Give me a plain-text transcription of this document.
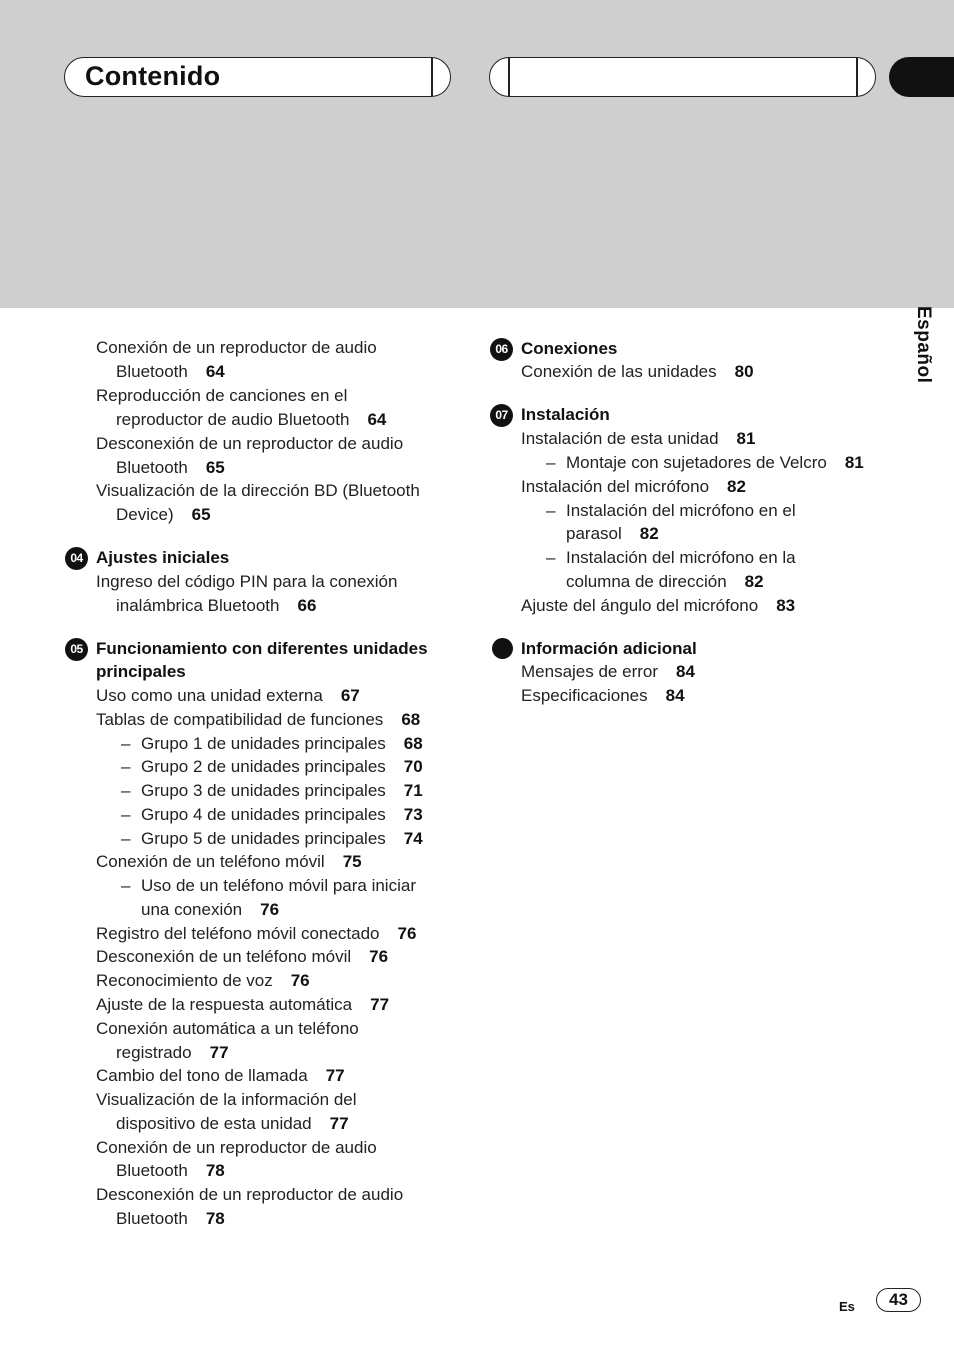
Contenido
Español
Conexión de un reproductor de audio
Bluetooth 64
Reproducción de canciones en el
reproductor de audio Bluetooth 64
Desconexión de un reproductor de audio
Bluetooth 65
Visualización de la dirección BD (Bluetooth
Device) 65
04 Ajustes iniciales
Ingreso del código PIN para la conexión
inalámbrica Bluetooth 66
05 Funcionamiento con diferentes unidades
principales
Uso como una unidad externa 67
Tablas de compatibilidad de funciones 68
– Grupo 1 de unidades principales 68
– Grupo 2 de unidades principales 70
– Grupo 3 de unidades principales 71
– Grupo 4 de unidades principales 73
– Grupo 5 de unidades principales 74
Conexión de un teléfono móvil 75
– Uso de un teléfono móvil para iniciar
una conexión 76
Registro del teléfono móvil conectado 76
Desconexión de un teléfono móvil 76
Reconocimiento de voz 76
Ajuste de la respuesta automática 77
Conexión automática a un teléfono
registrado 77
Cambio del tono de llamada 77
Visualización de la información del
dispositivo de esta unidad 77
Conexión de un reproductor de audio
Bluetooth 78
Desconexión de un reproductor de audio
Bluetooth 78
06 Conexiones
Conexión de las unidades 80
07 Instalación
Instalación de esta unidad 81
– Montaje con sujetadores de Velcro 81
Instalación del micrófono 82
– Instalación del micrófono en el
parasol 82
– Instalación del micrófono en la
columna de dirección 82
Ajuste del ángulo del micrófono 83
Información adicional
Mensajes de error 84
Especificaciones 84
Es	43
